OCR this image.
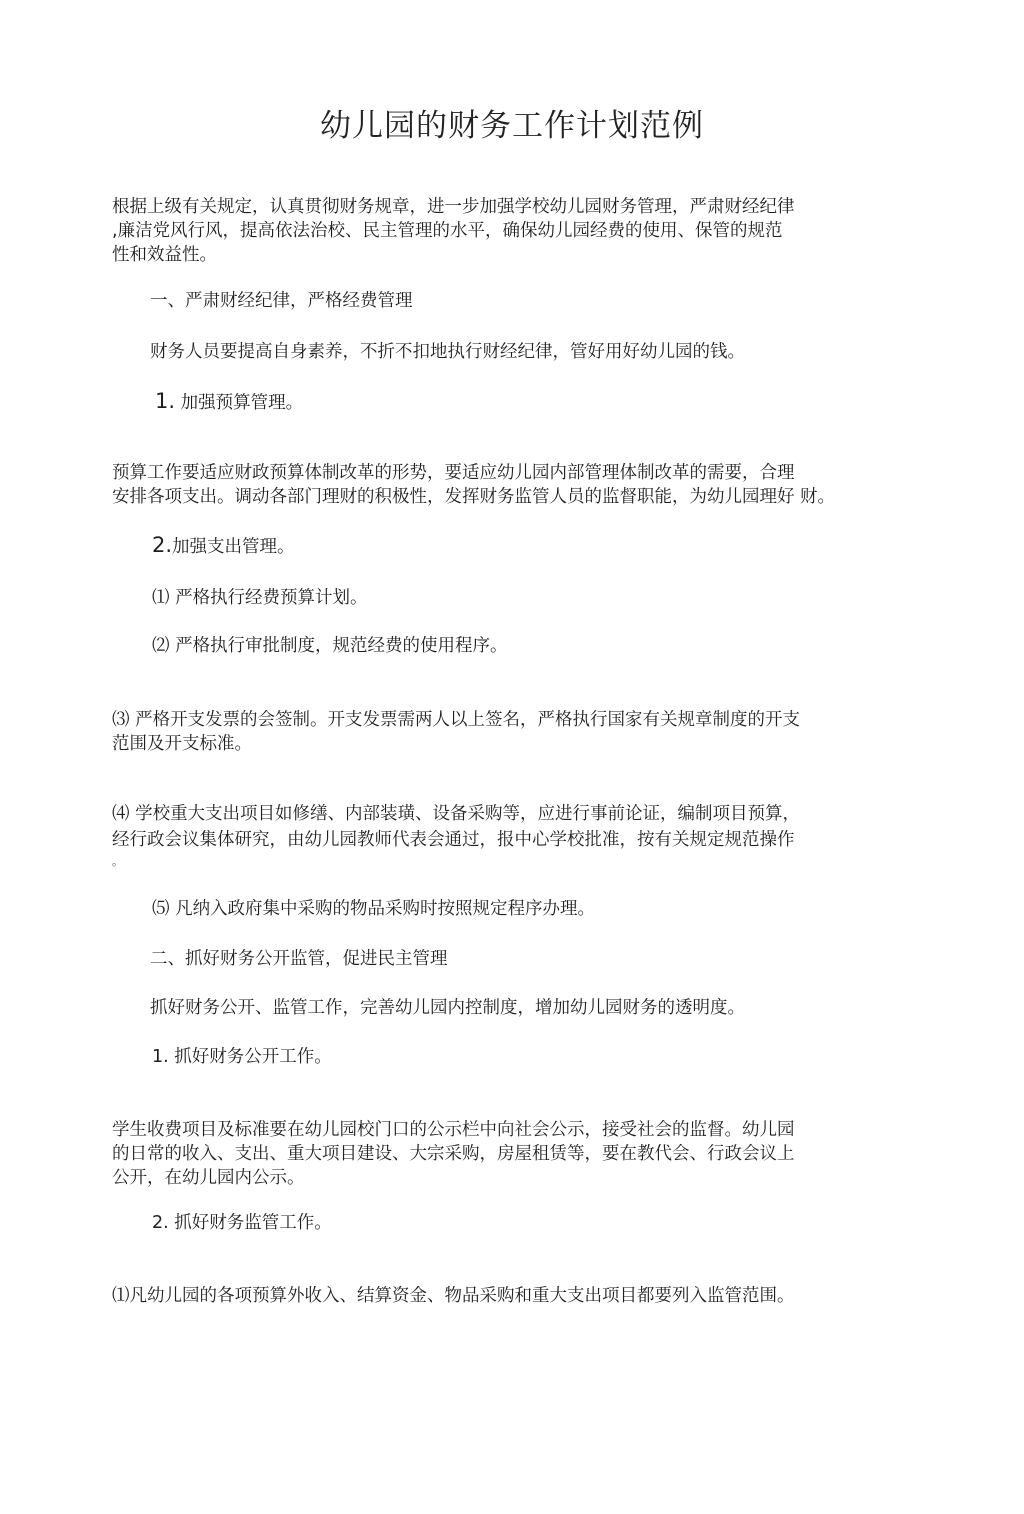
幼儿园的财务工作计划范例
根据上级有关规定，认真贯彻财务规章，进一步加强学校幼儿园财务管理，严肃财经纪律
,廉洁党风行风，提高依法治校、民主管理的水平，确保幼儿园经费的使用、保管的规范
性和效益性。

一、严肃财经纪律，严格经费管理

财务人员要提高自身素养，不折不扣地执行财经纪律，管好用好幼儿园的钱。

1. 加强预算管理。
预算工作要适应财政预算体制改革的形势，要适应幼儿园内部管理体制改革的需要，合理
安排各项支出。调动各部门理财的积极性，发挥财务监管人员的监督职能，为幼儿园理好 财。
2.加强支出管理。

⑴ 严格执行经费预算计划。

⑵ 严格执行审批制度，规范经费的使用程序。

⑶ 严格开支发票的会签制。开支发票需两人以上签名，严格执行国家有关规章制度的开支
范围及开支标准。
⑷ 学校重大支出项目如修缮、内部装璜、设备采购等，应进行事前论证，编制项目预算，
经行政会议集体研究，由幼儿园教师代表会通过，报中心学校批准，按有关规定规范操作
。

⑸ 凡纳入政府集中采购的物品采购时按照规定程序办理。

二、抓好财务公开监管，促进民主管理

抓好财务公开、监管工作，完善幼儿园内控制度，增加幼儿园财务的透明度。

1. 抓好财务公开工作。

学生收费项目及标准要在幼儿园校门口的公示栏中向社会公示，接受社会的监督。幼儿园
的日常的收入、支出、重大项目建设、大宗采购，房屋租赁等，要在教代会、行政会议上
公开，在幼儿园内公示。

2. 抓好财务监管工作。

⑴凡幼儿园的各项预算外收入、结算资金、物品采购和重大支出项目都要列入监管范围。
